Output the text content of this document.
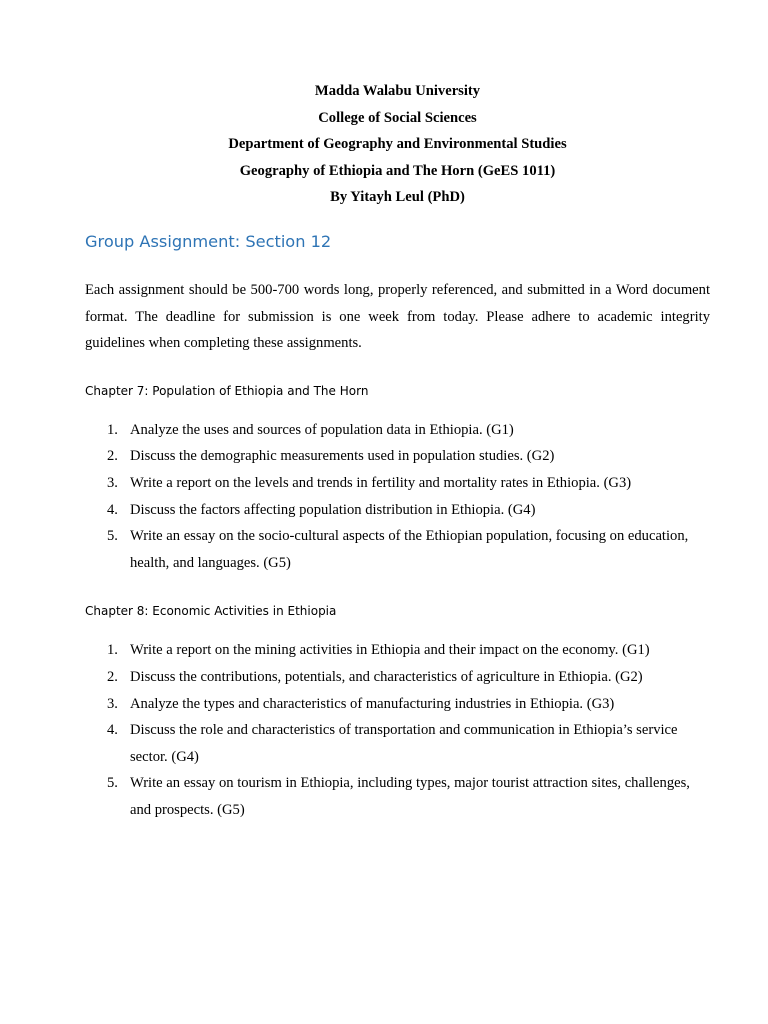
Madda Walabu University
College of Social Sciences
Department of Geography and Environmental Studies
Geography of Ethiopia and The Horn (GeES 1011)
By Yitayh Leul (PhD)
Group Assignment: Section 12
Each assignment should be 500-700 words long, properly referenced, and submitted in a Word document format. The deadline for submission is one week from today. Please adhere to academic integrity guidelines when completing these assignments.
Chapter 7: Population of Ethiopia and The Horn
1. Analyze the uses and sources of population data in Ethiopia. (G1)
2. Discuss the demographic measurements used in population studies. (G2)
3. Write a report on the levels and trends in fertility and mortality rates in Ethiopia. (G3)
4. Discuss the factors affecting population distribution in Ethiopia. (G4)
5. Write an essay on the socio-cultural aspects of the Ethiopian population, focusing on education, health, and languages. (G5)
Chapter 8: Economic Activities in Ethiopia
1. Write a report on the mining activities in Ethiopia and their impact on the economy. (G1)
2. Discuss the contributions, potentials, and characteristics of agriculture in Ethiopia. (G2)
3. Analyze the types and characteristics of manufacturing industries in Ethiopia. (G3)
4. Discuss the role and characteristics of transportation and communication in Ethiopia’s service sector. (G4)
5. Write an essay on tourism in Ethiopia, including types, major tourist attraction sites, challenges, and prospects. (G5)
